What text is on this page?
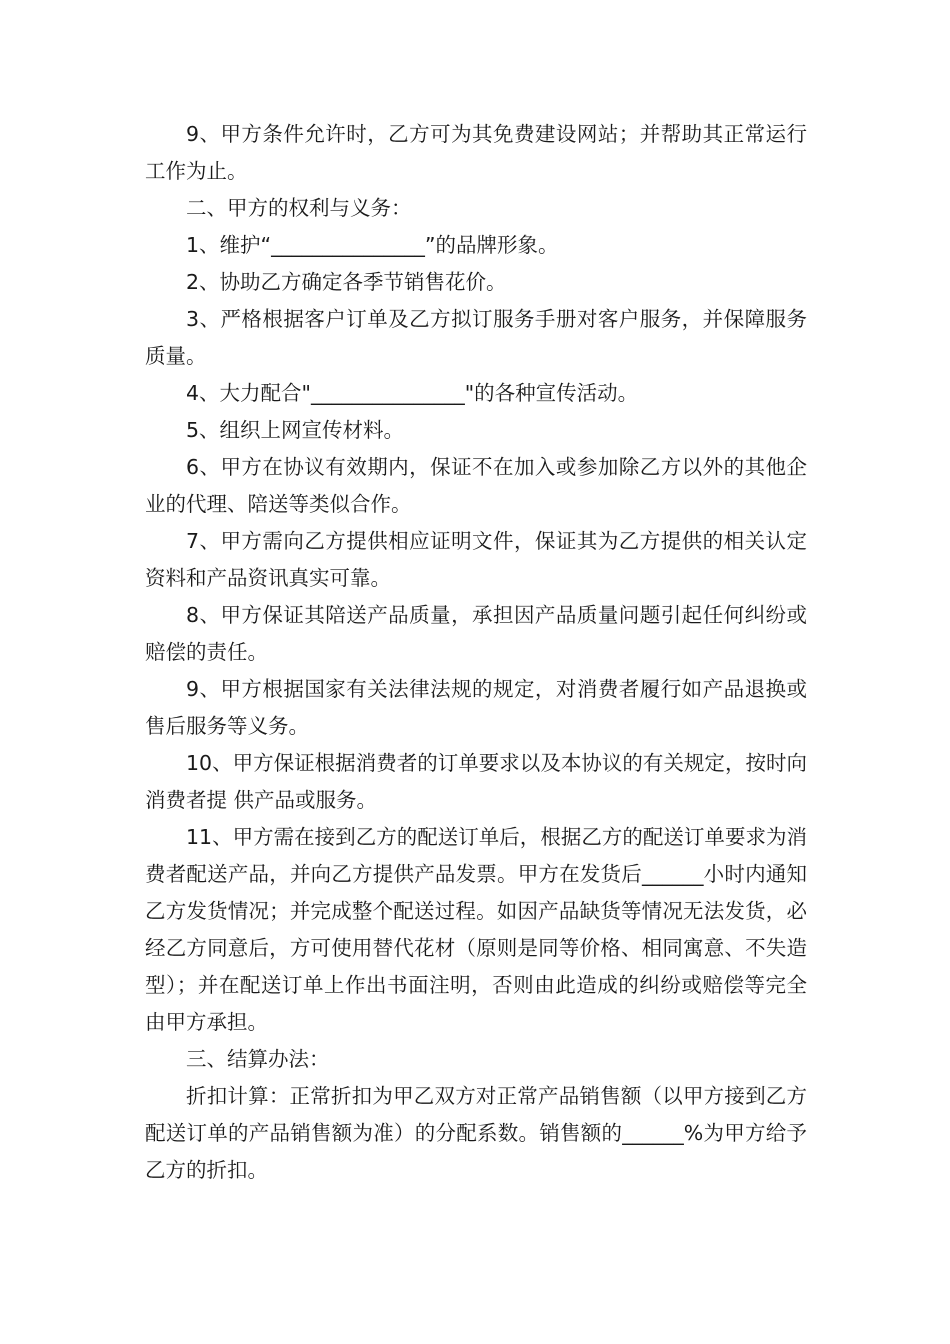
9、甲方条件允许时，乙方可为其免费建设网站；并帮助其正常运行工作为止。

二、甲方的权利与义务：

1、维护“_______________”的品牌形象。

2、协助乙方确定各季节销售花价。

3、严格根据客户订单及乙方拟订服务手册对客户服务，并保障服务质量。

4、大力配合"_______________"的各种宣传活动。

5、组织上网宣传材料。

6、甲方在协议有效期内，保证不在加入或参加除乙方以外的其他企业的代理、陪送等类似合作。

7、甲方需向乙方提供相应证明文件，保证其为乙方提供的相关认定资料和产品资讯真实可靠。

8、甲方保证其陪送产品质量，承担因产品质量问题引起任何纠纷或赔偿的责任。

9、甲方根据国家有关法律法规的规定，对消费者履行如产品退换或售后服务等义务。

10、甲方保证根据消费者的订单要求以及本协议的有关规定，按时向消费者提 供产品或服务。

11、甲方需在接到乙方的配送订单后，根据乙方的配送订单要求为消费者配送产品，并向乙方提供产品发票。甲方在发货后______小时内通知乙方发货情况；并完成整个配送过程。如因产品缺货等情况无法发货，必经乙方同意后，方可使用替代花材（原则是同等价格、相同寓意、不失造型）；并在配送订单上作出书面注明，否则由此造成的纠纷或赔偿等完全由甲方承担。

三、结算办法：

折扣计算：正常折扣为甲乙双方对正常产品销售额（以甲方接到乙方配送订单的产品销售额为准）的分配系数。销售额的______%为甲方给予乙方的折扣。
